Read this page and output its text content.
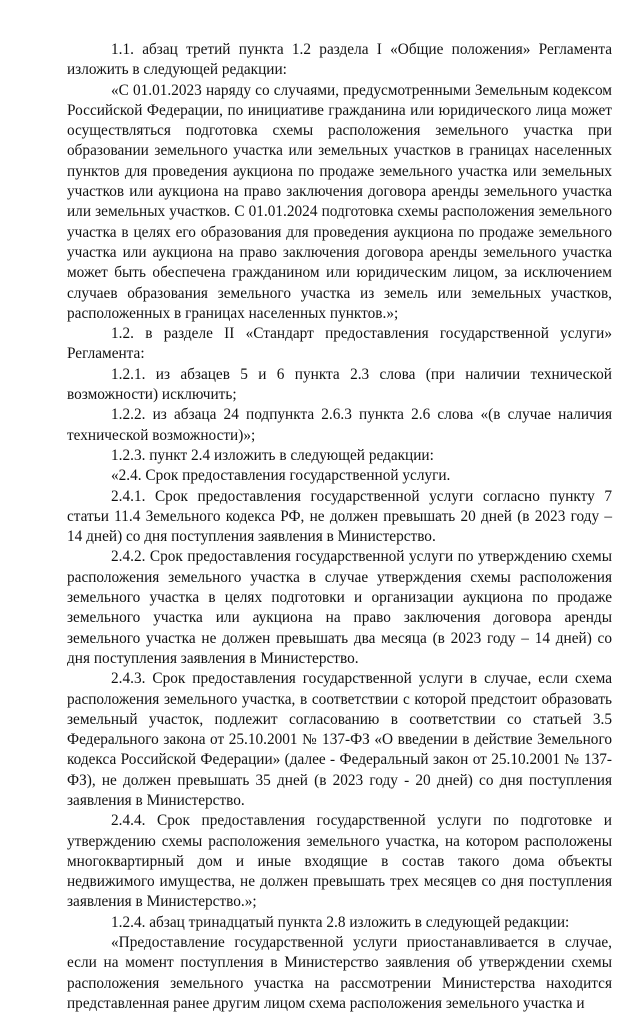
1.1. абзац третий пункта 1.2 раздела I «Общие положения» Регламента изложить в следующей редакции:

«С 01.01.2023 наряду со случаями, предусмотренными Земельным кодексом Российской Федерации, по инициативе гражданина или юридического лица может осуществляться подготовка схемы расположения земельного участка при образовании земельного участка или земельных участков в границах населенных пунктов для проведения аукциона по продаже земельного участка или земельных участков или аукциона на право заключения договора аренды земельного участка или земельных участков. С 01.01.2024 подготовка схемы расположения земельного участка в целях его образования для проведения аукциона по продаже земельного участка или аукциона на право заключения договора аренды земельного участка может быть обеспечена гражданином или юридическим лицом, за исключением случаев образования земельного участка из земель или земельных участков, расположенных в границах населенных пунктов.»;

1.2. в разделе II «Стандарт предоставления государственной услуги» Регламента:

1.2.1. из абзацев 5 и 6 пункта 2.3 слова (при наличии технической возможности) исключить;

1.2.2. из абзаца 24 подпункта 2.6.3 пункта 2.6 слова «(в случае наличия технической возможности)»;

1.2.3. пункт 2.4 изложить в следующей редакции:

«2.4. Срок предоставления государственной услуги.

2.4.1. Срок предоставления государственной услуги согласно пункту 7 статьи 11.4 Земельного кодекса РФ, не должен превышать 20 дней (в 2023 году – 14 дней) со дня поступления заявления в Министерство.

2.4.2. Срок предоставления государственной услуги по утверждению схемы расположения земельного участка в случае утверждения схемы расположения земельного участка в целях подготовки и организации аукциона по продаже земельного участка или аукциона на право заключения договора аренды земельного участка не должен превышать два месяца (в 2023 году – 14 дней) со дня поступления заявления в Министерство.

2.4.3. Срок предоставления государственной услуги в случае, если схема расположения земельного участка, в соответствии с которой предстоит образовать земельный участок, подлежит согласованию в соответствии со статьей 3.5 Федерального закона от 25.10.2001 № 137-ФЗ «О введении в действие Земельного кодекса Российской Федерации» (далее - Федеральный закон от 25.10.2001 № 137-ФЗ), не должен превышать 35 дней (в 2023 году - 20 дней) со дня поступления заявления в Министерство.

2.4.4. Срок предоставления государственной услуги по подготовке и утверждению схемы расположения земельного участка, на котором расположены многоквартирный дом и иные входящие в состав такого дома объекты недвижимого имущества, не должен превышать трех месяцев со дня поступления заявления в Министерство.»;

1.2.4. абзац тринадцатый пункта 2.8 изложить в следующей редакции:

«Предоставление государственной услуги приостанавливается в случае, если на момент поступления в Министерство заявления об утверждении схемы расположения земельного участка на рассмотрении Министерства находится представленная ранее другим лицом схема расположения земельного участка и
